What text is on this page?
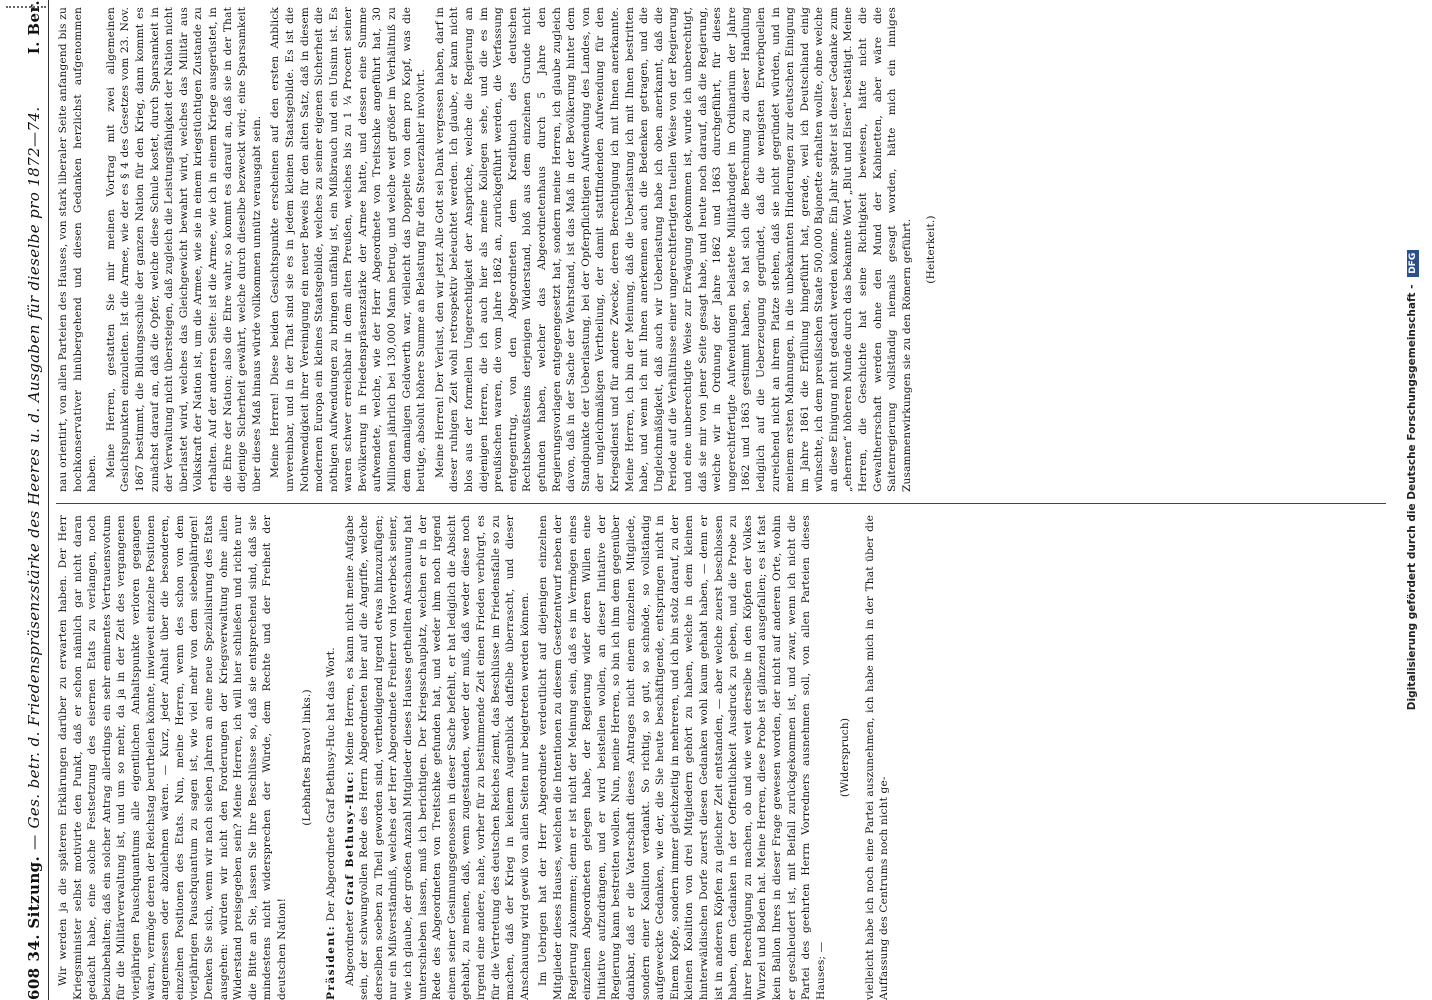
608
34. Sitzung.
—
Ges. betr. d. Friedenspräsenzstärke des Heeres u. d. Ausgaben für dieselbe pro 1872—74.
I. Ber.

Wir werden ja die späteren Erklärungen darüber zu erwarten haben. Der Herr Kriegsminister selbst motivirte den Punkt, daß er schon nämlich gar nicht daran gedacht habe, eine solche Festsetzung des eisernen Etats zu verlangen, noch beizubehalten; daß ein solcher Antrag allerdings ein sehr eminentes Vertrauensvotum für die Militärverwaltung ist, und um so mehr, da ja in der Zeit des vergangenen vierjährigen Pauschquantums alle eigentlichen Anhaltspunkte verloren gegangen wären, vermöge deren der Reichstag beurtheilen könnte, inwieweit einzelne Positionen angemessen oder abzulehnen wären. — Kurz, jeder Anhalt über die besonderen, einzelnen Positionen des Etats. Nun, meine Herren, wenn des schon von dem vierjährigen Pauschquantum zu sagen ist, wie viel mehr von dem siebenjährigen! Denken Sie sich, wenn wir nach sieben Jahren an eine neue Spezialisirung des Etats ausgehen: würden wir nicht den Forderungen der Kriegsverwaltung ohne allen Widerstand preisgegeben sein? Meine Herren, ich will hier schließen und richte nur die Bitte an Sie, lassen Sie Ihre Beschlüsse so, daß sie entsprechend sind, daß sie mindestens nicht widersprechen der Würde, dem Rechte und der Freiheit der deutschen Nation!

(Lebhaftes Bravo! links.)

Präsident: Der Abgeordnete Graf Bethusy-Huc hat das Wort.

Abgeordneter Graf Bethusy-Huc: Meine Herren, es kann nicht meine Aufgabe sein, der schwungvollen Rede des Herrn Abgeordneten hier auf die Angriffe, welche derselben soeben zu Theil geworden sind, vertheidigend irgend etwas hinzuzufügen; nur ein Mißverständniß, welches der Herr Abgeordnete Freiherr von Hoverbeck seiner, wie ich glaube, der großen Anzahl Mitglieder dieses Hauses getheilten Anschauung hat unterschieben lassen, muß ich berichtigen. Der Kriegsschauplatz, welchen er in der Rede des Abgeordneten von Treitschke gefunden hat, und weder ihm noch irgend einem seiner Gesinnungsgenossen in dieser Sache befehlt, er hat lediglich die Absicht gehabt, zu meinen, daß, wenn zugestanden, weder der muß, daß weder diese noch irgend eine andere, nahe, vorher für zu bestimmende Zeit einen Frieden verbürgt, es für die Vertretung des deutschen Reiches ziemt, das Beschlüsse im Friedensfalle so zu machen, daß der Krieg in keinem Augenblick daffelbe überrascht, und dieser Anschauung wird gewiß von allen Seiten nur beigetreten werden können. Im Uebrigen hat der Herr Abgeordnete verdeutlicht auf diejenigen einzelnen Mitglieder dieses Hauses, welchen die Intentionen zu diesem Gesetzentwurf neben der Regierung zukommen; denn er ist nicht der Meinung sein, daß es im Vermögen eines einzelnen Abgeordneten gelegen habe, der Regierung wider deren Willen eine Initiative aufzudrängen, und er wird beistellen wollen, an dieser Initiative der Regierung kann bestreiten wollen. Nun, meine Herren, so bin ich ihm dem gegenüber dankbar, daß er die Vaterschaft dieses Antrages nicht einem einzelnen Mitgliede, sondern einer Koalition verdankt. So richtig, so gut, so schnöde, so vollständig aufgeweckte Gedanken, wie der, die Sie heute beschäftigende, entspringen nicht in Einem Kopfe, sondern immer gleichzeitig in mehreren, und ich bin stolz darauf, zu der kleinen Koalition von drei Mitgliedern gehört zu haben, welche in dem kleinen hinterwäldischen Dorfe zuerst diesen Gedanken wohl kaum gehabt haben, — denn er ist in anderen Köpfen zu gleicher Zeit entstanden, — aber welche zuerst beschlossen haben, dem Gedanken in der Oeffentlichkeit Ausdruck zu geben, und die Probe zu ihrer Berechtigung zu machen, ob und wie weit derselbe in den Köpfen der Volkes Wurzel und Boden hat. Meine Herren, diese Probe ist glänzend ausgefallen; es ist fast kein Ballon Ihres in dieser Frage gewesen worden, der nicht auf anderen Orte, wohin er geschleudert ist, mit Beifall zurückgekommen ist, und zwar, wenn ich nicht die Partei des geehrten Herrn Vorredners ausnehmen soll, von allen Parteien dieses Hauses; —

(Widerspruch) vielleicht habe ich noch eine Partei auszunehmen, ich habe mich in der That über die Auffassung des Centrums noch nicht ge-

nau orientirt, von allen Parteien des Hauses, von stark liberaler Seite anfangend bis zu hochkonservativer hinübergehend und diesen Gedanken herzlichst aufgenommen haben. Meine Herren, gestatten Sie mir meinen Vortrag mit zwei allgemeinen Gesichtspunkten einzuleiten. Ist die Armee, wie der es § 4 des Gesetzes vom 23. Nov. 1867 bestimmt, die Bildungsschule der ganzen Nation für den Krieg, dann kommt es zunächst darauf an, daß die Opfer, welche diese Schule kostet, durch Sparsamkeit in der Verwaltung nicht übersteigen, daß zugleich die Leistungsfähigkeit der Nation nicht überlastet wird, welches das Gleichgewicht bewahrt wird, welches das Militär aus Volkskraft der Nation ist, um die Armee, wie sie in einem kriegstüchtigen Zustande zu erhalten. Auf der anderen Seite: ist die Armee, wie ich in einem Kriege ausgerüstet, in die Ehre der Nation; also die Ehre wahr, so kommt es darauf an, daß sie in der That diejenige Sicherheit gewährt, welche durch dieselbe bezweckt wird; eine Sparsamkeit über dieses Maß hinaus würde vollkommen unnütz verausgabt sein. Meine Herren! Diese beiden Gesichtspunkte erscheinen auf den ersten Anblick unvereinbar, und in der That sind sie es in jedem kleinen Staatsgebilde. Es ist die Nothwendigkeit ihrer Vereinigung ein neuer Beweis für den alten Satz, daß in diesem modernen Europa ein kleines Staatsgebilde, welches zu seiner eigenen Sicherheit die nöthigen Aufwendungen zu bringen unfähig ist, ein Mißbrauch und ein Unsinn ist. Es waren schwer erreichbar in dem alten Preußen, welches bis zu 1 ¼ Procent seiner Bevölkerung in Friedenspräsenzstärke der Armee hatte, und dessen eine Summe aufwendete, welche, wie der Herr Abgeordnete von Treitschke angeführt hat, 30 Millionen jährlich bei 130,000 Mann betrug, und welche weit größer im Verhältniß zu dem damaligen Geldwerth war, vielleicht das Doppelte von dem pro Kopf, was die heutige, absolut höhere Summe an Belastung für den Steuerzahler involvirt. Meine Herren! Der Verlust, den wir jetzt Alle Gott sei Dank vergessen haben, darf in dieser ruhigen Zeit wohl retrospektiv beleuchtet werden. Ich glaube, er kann nicht blos aus der formellen Ungerechtigkeit der Ansprüche, welche die Regierung an diejenigen Herren, die ich auch hier als meine Kollegen sehe, und die es im preußischen waren, die vom Jahre 1862 an, zurückgeführt werden, die Verfassung entgegentrug, von den Abgeordneten dem Kreditbuch des deutschen Rechtsbewußtseins derjenigen Widerstand, bloß aus dem einzelnen Grunde nicht gefunden haben, welcher das Abgeordnetenhaus durch 5 Jahre den Regierungsvorlagen entgegengesetzt hat, sondern meine Herren, ich glaube zugleich davon, daß in der Sache der Wehrstand, ist das Maß in der Bevölkerung hinter dem Standpunkte der Ueberlastung, bei der Opferpflichtigen Aufwendung des Landes, von der ungleichmäßigen Vertheilung, der damit stattfindenden Aufwendung für den Kriegsdienst und für andere Zwecke, deren Berechtigung ich mit Ihnen anerkannte. Meine Herren, ich bin der Meinung, daß die Ueberlastung ich mit Ihnen bestritten habe, und wenn ich mit Ihnen anerkennen auch die Bedenken getragen, und die Ungleichmäßigkeit, daß auch wir Ueberlastung habe ich oben anerkannt, daß die Periode auf die Verhältnisse einer ungerechtfertigten tuellen Weise von der Regierung und eine unberechtigte Weise zur Erwägung gekommen ist, wurde ich unberechtigt, daß sie mir von jener Seite gesagt habe, und heute noch darauf, daß die Regierung, welche wir in Ordnung der Jahre 1862 und 1863 durchgeführt, für dieses ungerechtfertigte Aufwendungen belastete Militärbudget im Ordinarium der Jahre 1862 und 1863 gestimmt haben, so hat sich die Berechnung zu dieser Handlung lediglich auf die Ueberzeugung gegründet, daß die wenigsten Erwerbquellen zureichend nicht an ihrem Platze stehen, daß sie nicht gegründet würden, und in meinem ersten Mahnungen, in die unbekannten Hinderungen zur deutschen Einigung im Jahre 1861 die Erfüllung hingeführt hat, gerade, weil ich Deutschland einig wünschte, ich dem preußischen Staate 500,000 Bajonette erhalten wollte, ohne welche an diese Einigung nicht gedacht werden könne. Ein Jahr später ist dieser Gedanke zum „ehernen“ höheren Munde durch das bekannte Wort „Blut und Eisen“ bestätigt. Meine Herren, die Geschichte hat seine Richtigkeit bewiesen, hätte nicht die Gewaltherrschaft werden ohne den Mund der Kabinetten, aber wäre die Saitenregierung vollständig niemals gesagt worden, hätte mich ein inniges Zusammenwirkungen sie zu den Römern geführt. (Heiterkeit.)

Digitalisierung gefördert durch die Deutsche Forschungsgemeinschaft - DFG
